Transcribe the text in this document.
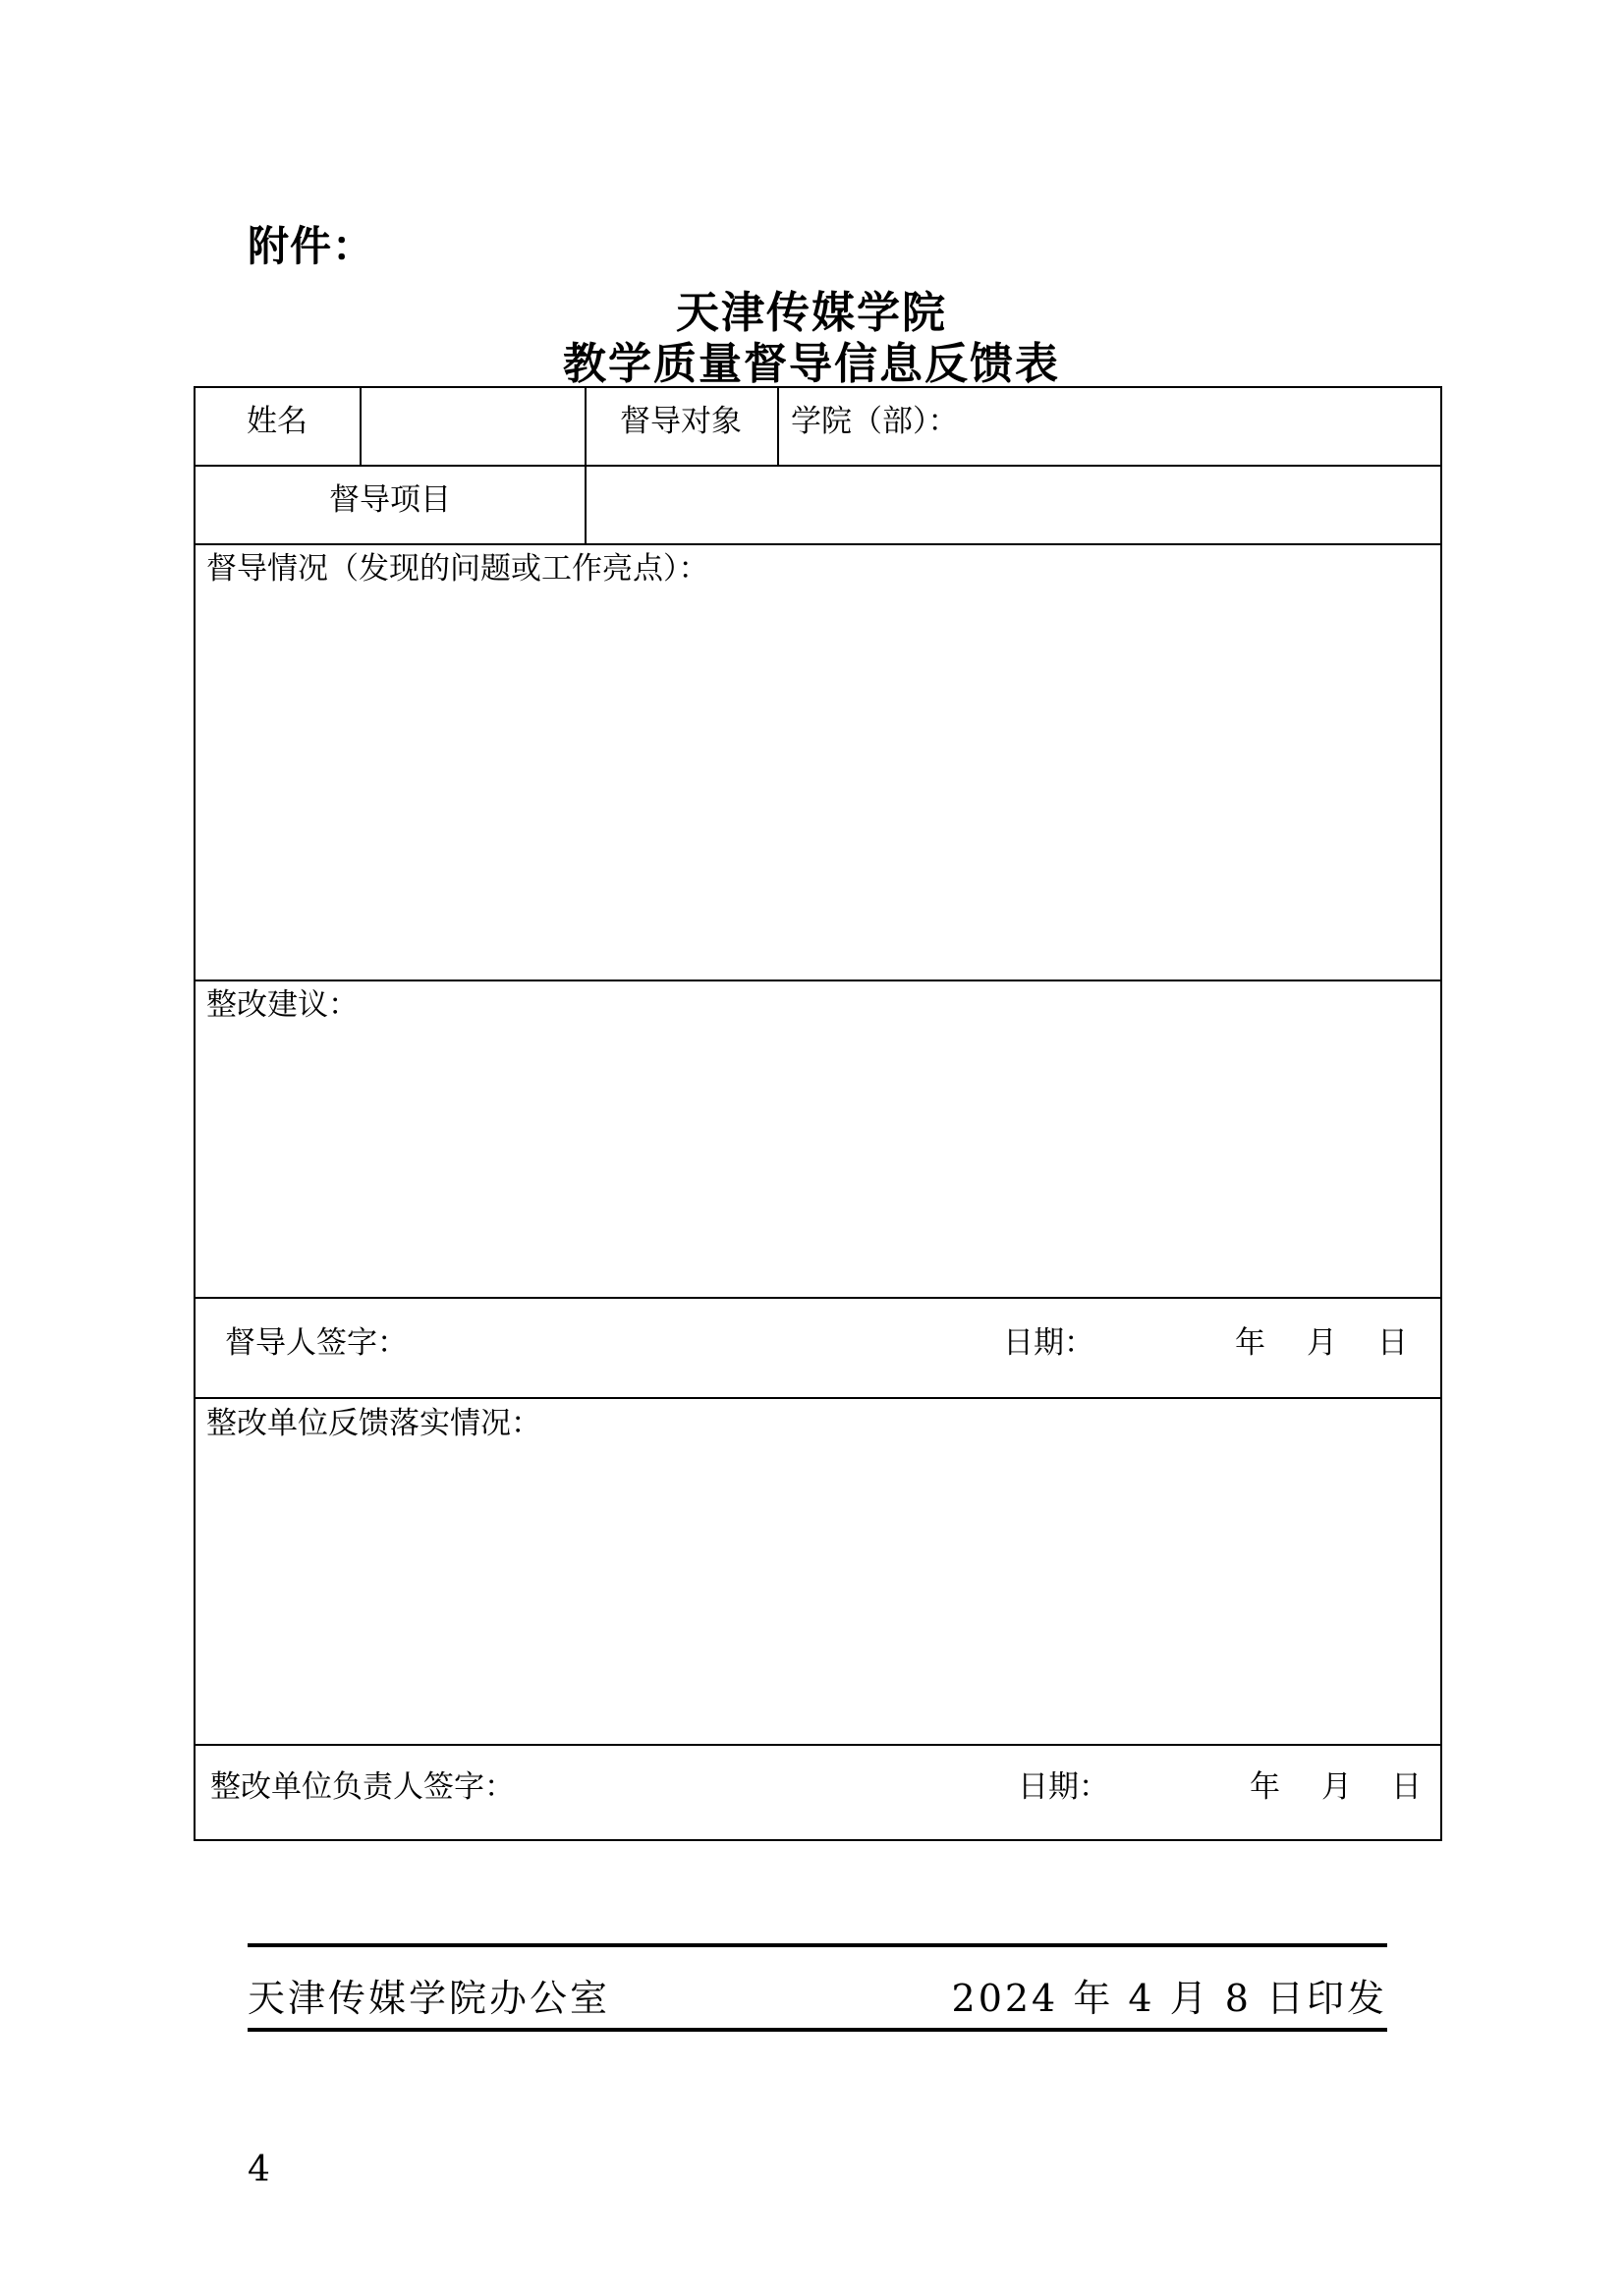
附件：
天津传媒学院
教学质量督导信息反馈表
姓名	督导对象 学院（部）：
督导项目
督导情况（发现的问题或工作亮点）：
整改建议：
督导人签字：	日期：	年 月 日
整改单位反馈落实情况：
整改单位负责人签字：	日期：	年 月 日
天津传媒学院办公室	2024 年 4 月 8 日印发
4
